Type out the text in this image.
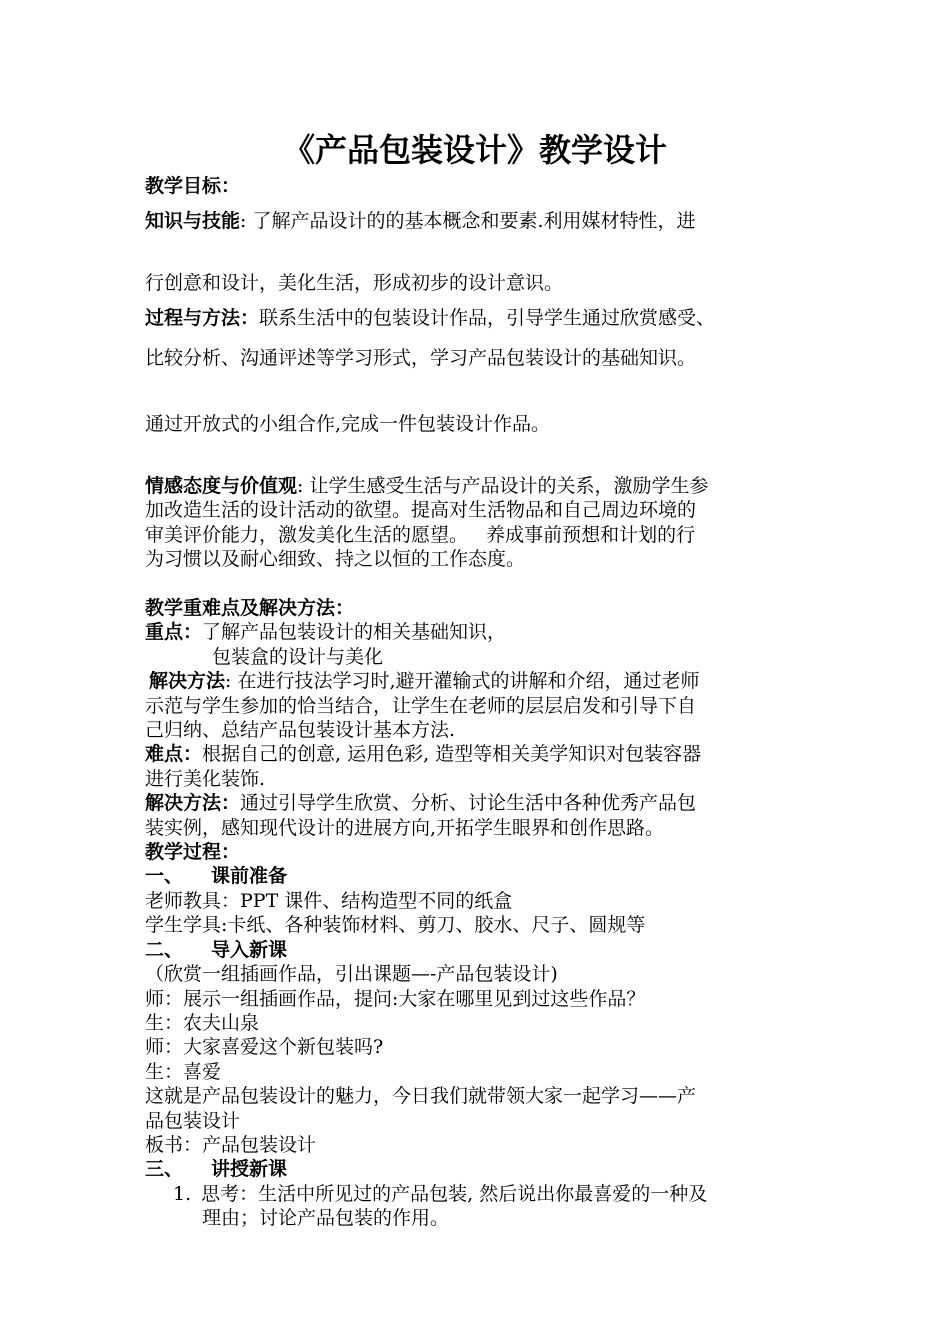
《产品包装设计》教学设计
教学目标：
知识与技能: 了解产品设计的的基本概念和要素.利用媒材特性，进
行创意和设计，美化生活，形成初步的设计意识。
过程与方法：联系生活中的包装设计作品，引导学生通过欣赏感受、
比较分析、沟通评述等学习形式，学习产品包装设计的基础知识。
通过开放式的小组合作,完成一件包装设计作品。
情感态度与价值观: 让学生感受生活与产品设计的关系，激励学生参
加改造生活的设计活动的欲望。提高对生活物品和自己周边环境的
审美评价能力，激发美化生活的愿望。   养成事前预想和计划的行
为习惯以及耐心细致、持之以恒的工作态度。
教学重难点及解决方法：
重点：了解产品包装设计的相关基础知识，
包装盒的设计与美化
解决方法: 在进行技法学习时,避开灌输式的讲解和介绍，通过老师
示范与学生参加的恰当结合，让学生在老师的层层启发和引导下自
己归纳、总结产品包装设计基本方法.
难点：根据自己的创意, 运用色彩, 造型等相关美学知识对包装容器
进行美化装饰.
解决方法：通过引导学生欣赏、分析、讨论生活中各种优秀产品包
装实例，感知现代设计的进展方向,开拓学生眼界和创作思路。
教学过程：
一、 课前准备
老师教具：PPT 课件、结构造型不同的纸盒
学生学具:卡纸、各种装饰材料、剪刀、胶水、尺子、圆规等
二、 导入新课
（欣赏一组插画作品，引出课题—-产品包装设计)
师：展示一组插画作品，提问:大家在哪里见到过这些作品？
生：农夫山泉
师：大家喜爱这个新包装吗?
生：喜爱
这就是产品包装设计的魅力，今日我们就带领大家一起学习——产
品包装设计
板书：产品包装设计
三、 讲授新课
1. 思考：生活中所见过的产品包装, 然后说出你最喜爱的一种及
理由；讨论产品包装的作用。
